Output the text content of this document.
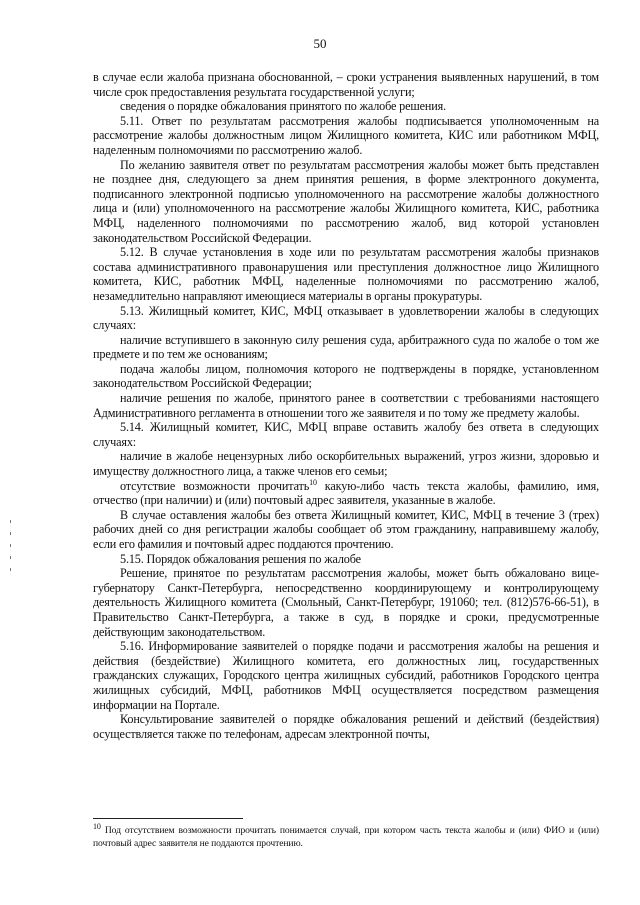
50

в случае если жалоба признана обоснованной, – сроки устранения выявленных нарушений, в том числе срок предоставления результата государственной услуги;

сведения о порядке обжалования принятого по жалобе решения.

5.11. Ответ по результатам рассмотрения жалобы подписывается уполномоченным на рассмотрение жалобы должностным лицом Жилищного комитета, КИС или работником МФЦ, наделенным полномочиями по рассмотрению жалоб.

По желанию заявителя ответ по результатам рассмотрения жалобы может быть представлен не позднее дня, следующего за днем принятия решения, в форме электронного документа, подписанного электронной подписью уполномоченного на рассмотрение жалобы должностного лица и (или) уполномоченного на рассмотрение жалобы Жилищного комитета, КИС, работника МФЦ, наделенного полномочиями по рассмотрению жалоб, вид которой установлен законодательством Российской Федерации.

5.12. В случае установления в ходе или по результатам рассмотрения жалобы признаков состава административного правонарушения или преступления должностное лицо Жилищного комитета, КИС, работник МФЦ, наделенные полномочиями по рассмотрению жалоб, незамедлительно направляют имеющиеся материалы в органы прокуратуры.

5.13. Жилищный комитет, КИС, МФЦ отказывает в удовлетворении жалобы в следующих случаях:

наличие вступившего в законную силу решения суда, арбитражного суда по жалобе о том же предмете и по тем же основаниям;

подача жалобы лицом, полномочия которого не подтверждены в порядке, установленном законодательством Российской Федерации;

наличие решения по жалобе, принятого ранее в соответствии с требованиями настоящего Административного регламента в отношении того же заявителя и по тому же предмету жалобы.

5.14. Жилищный комитет, КИС, МФЦ вправе оставить жалобу без ответа в следующих случаях:

наличие в жалобе нецензурных либо оскорбительных выражений, угроз жизни, здоровью и имуществу должностного лица, а также членов его семьи;

отсутствие возможности прочитать$^{10}$ какую-либо часть текста жалобы, фамилию, имя, отчество (при наличии) и (или) почтовый адрес заявителя, указанные в жалобе.

В случае оставления жалобы без ответа Жилищный комитет, КИС, МФЦ в течение 3 (трех) рабочих дней со дня регистрации жалобы сообщает об этом гражданину, направившему жалобу, если его фамилия и почтовый адрес поддаются прочтению.

5.15. Порядок обжалования решения по жалобе

Решение, принятое по результатам рассмотрения жалобы, может быть обжаловано вице-губернатору Санкт-Петербурга, непосредственно координирующему и контролирующему деятельность Жилищного комитета (Смольный, Санкт-Петербург, 191060; тел. (812)576-66-51), в Правительство Санкт-Петербурга, а также в суд, в порядке и сроки, предусмотренные действующим законодательством.

5.16. Информирование заявителей о порядке подачи и рассмотрения жалобы на решения и действия (бездействие) Жилищного комитета, его должностных лиц, государственных гражданских служащих, Городского центра жилищных субсидий, работников Городского центра жилищных субсидий, МФЦ, работников МФЦ осуществляется посредством размещения информации на Портале.

Консультирование заявителей о порядке обжалования решений и действий (бездействия) осуществляется также по телефонам, адресам электронной почты,

$^{10}$ Под отсутствием возможности прочитать понимается случай, при котором часть текста жалобы и (или) ФИО и (или) почтовый адрес заявителя не поддаются прочтению.
